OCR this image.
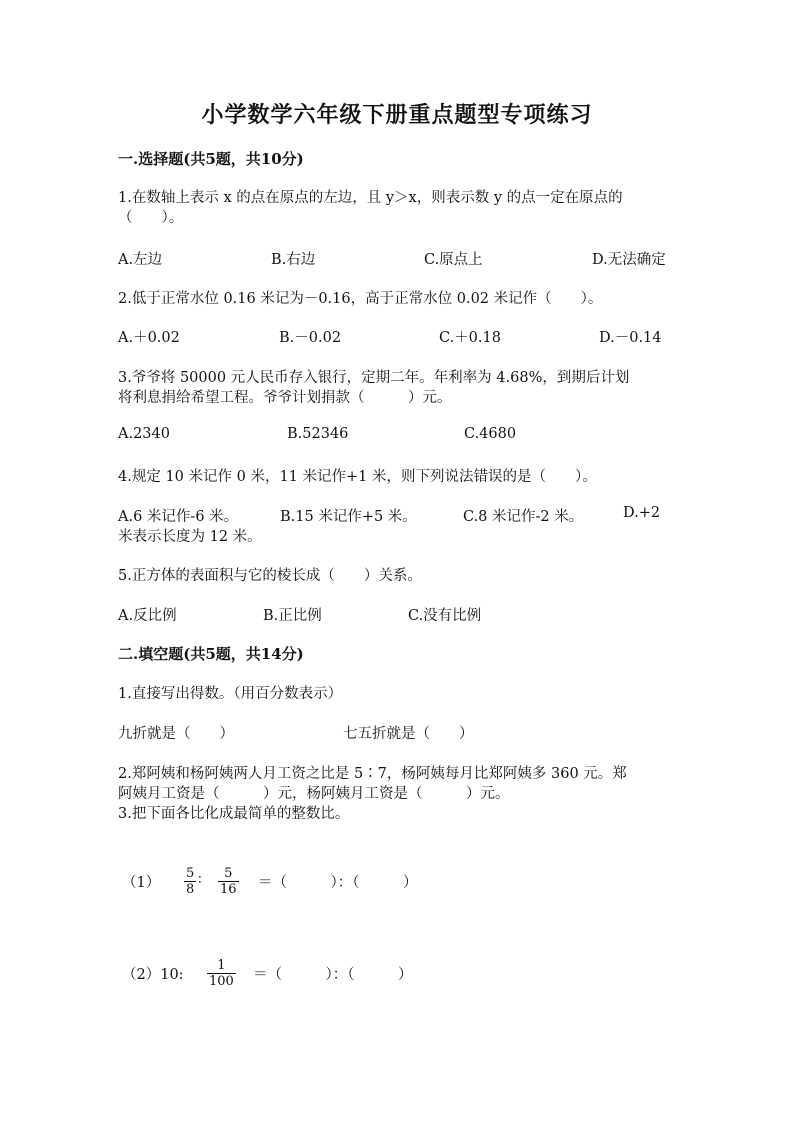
小学数学六年级下册重点题型专项练习
一.选择题(共5题，共10分)
1.在数轴上表示 x 的点在原点的左边，且 y＞x，则表示数 y 的点一定在原点的
（　　）。
A.左边	B.右边	C.原点上	D.无法确定
2.低于正常水位 0.16 米记为－0.16，高于正常水位 0.02 米记作（　　）。
A.＋0.02	B.－0.02	C.＋0.18	D.－0.14
3.爷爷将 50000 元人民币存入银行，定期二年。年利率为 4.68%，到期后计划
将利息捐给希望工程。爷爷计划捐款（　　　）元。
A.2340	B.52346	C.4680
4.规定 10 米记作 0 米，11 米记作+1 米，则下列说法错误的是（　　）。
A.6 米记作-6 米。	B.15 米记作+5 米。	C.8 米记作-2 米。	D.+2
米表示长度为 12 米。
5.正方体的表面积与它的棱长成（　　）关系。
A.反比例	B.正比例	C.没有比例
二.填空题(共5题，共14分)
1.直接写出得数。（用百分数表示）
九折就是（　　）	七五折就是（　　）
2.郑阿姨和杨阿姨两人月工资之比是 5∶7，杨阿姨每月比郑阿姨多 360 元。郑
阿姨月工资是（　　　）元，杨阿姨月工资是（　　　）元。
3.把下面各比化成最简单的整数比。
（1）
5
8
∶ 5
16 ＝（　　　）：（　　　）
（2）10:
1
100 ＝（　　　）：（　　　）
